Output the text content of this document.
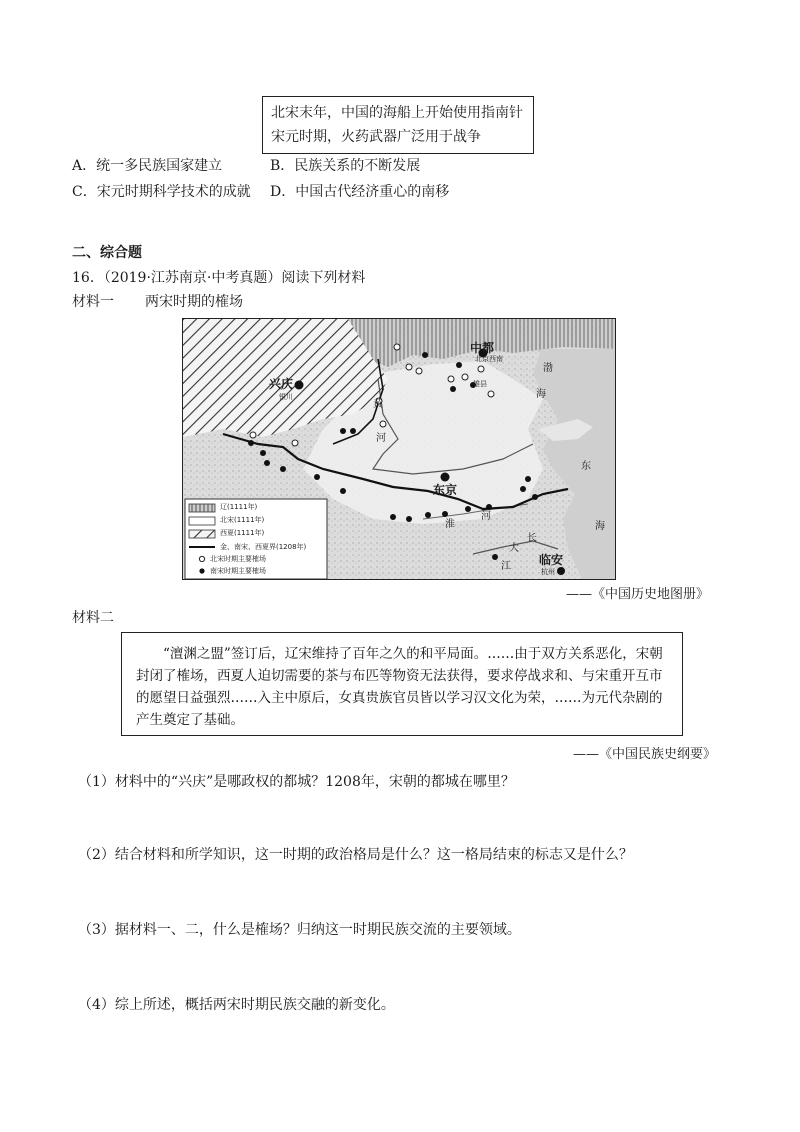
北宋末年，中国的海船上开始使用指南针
宋元时期，火药武器广泛用于战争
A．统一多民族国家建立	B．民族关系的不断发展
C．宋元时期科学技术的成就 D．中国古代经济重心的南移
二、综合题
16．（2019·江苏南京·中考真题）阅读下列材料
材料一 两宋时期的榷场
中都
北京西南
雄县
兴庆
银川
东京
临安
杭州
渤
海
东
海
黄
河
淮
河
大
长
江
辽(1111年)
北宋(1111年)
西夏(1111年)
金、南宋、西夏界(1208年)
北宋时期主要榷场
南宋时期主要榷场
——《中国历史地图册》
材料二

“澶渊之盟”签订后，辽宋维持了百年之久的和平局面。……由于双方关系恶化，宋朝封闭了榷场，西夏人迫切需要的茶与布匹等物资无法获得，要求停战求和、与宋重开互市的愿望日益强烈……入主中原后，女真贵族官员皆以学习汉文化为荣，……为元代杂剧的产生奠定了基础。

——《中国民族史纲要》
（1）材料中的“兴庆”是哪政权的都城？1208年，宋朝的都城在哪里？
（2）结合材料和所学知识，这一时期的政治格局是什么？这一格局结束的标志又是什么？
（3）据材料一、二，什么是榷场？归纳这一时期民族交流的主要领域。
（4）综上所述，概括两宋时期民族交融的新变化。
